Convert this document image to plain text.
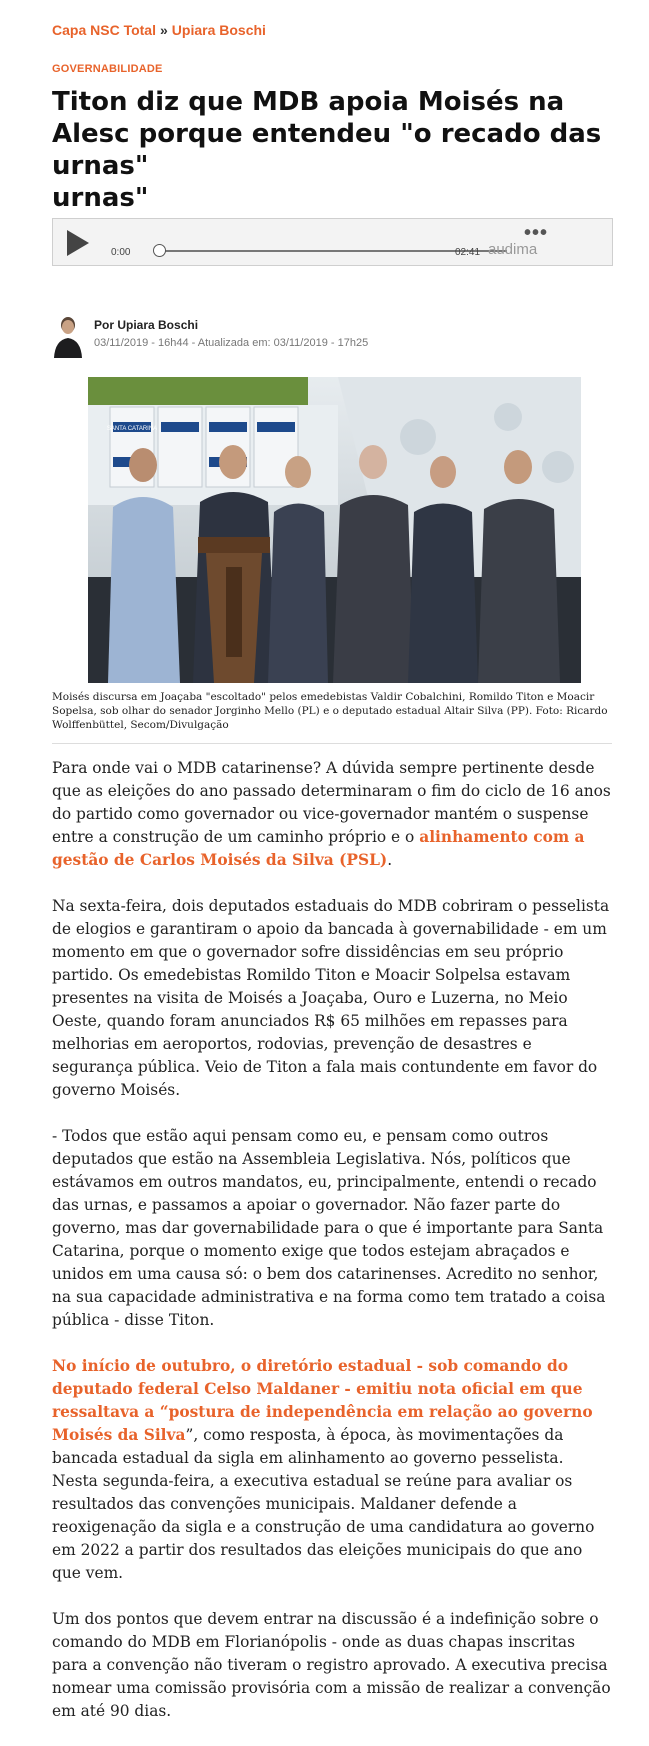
Capa NSC Total » Upiara Boschi
GOVERNABILIDADE
Titon diz que MDB apoia Moisés na Alesc porque entendeu "o recado das urnas"
urnas"
0:00	02:41
•••
audima
Por Upiara Boschi
03/11/2019 - 16h44 - Atualizada em: 03/11/2019 - 17h25
SANTA CATARINA
Moisés discursa em Joaçaba "escoltado" pelos emedebistas Valdir Cobalchini, Romildo Titon e Moacir Sopelsa, sob olhar do senador Jorginho Mello (PL) e o deputado estadual Altair Silva (PP). Foto: Ricardo Wolffenbüttel, Secom/Divulgação

Para onde vai o MDB catarinense? A dúvida sempre pertinente desde que as eleições do ano passado determinaram o fim do ciclo de 16 anos do partido como governador ou vice-governador mantém o suspense entre a construção de um caminho próprio e o alinhamento com a gestão de Carlos Moisés da Silva (PSL).

Na sexta-feira, dois deputados estaduais do MDB cobriram o pesselista de elogios e garantiram o apoio da bancada à governabilidade - em um momento em que o governador sofre dissidências em seu próprio partido. Os emedebistas Romildo Titon e Moacir Solpelsa estavam presentes na visita de Moisés a Joaçaba, Ouro e Luzerna, no Meio Oeste, quando foram anunciados R$ 65 milhões em repasses para melhorias em aeroportos, rodovias, prevenção de desastres e segurança pública. Veio de Titon a fala mais contundente em favor do governo Moisés.

- Todos que estão aqui pensam como eu, e pensam como outros deputados que estão na Assembleia Legislativa. Nós, políticos que estávamos em outros mandatos, eu, principalmente, entendi o recado das urnas, e passamos a apoiar o governador. Não fazer parte do governo, mas dar governabilidade para o que é importante para Santa Catarina, porque o momento exige que todos estejam abraçados e unidos em uma causa só: o bem dos catarinenses. Acredito no senhor, na sua capacidade administrativa e na forma como tem tratado a coisa pública - disse Titon.

No início de outubro, o diretório estadual - sob comando do deputado federal Celso Maldaner - emitiu nota oficial em que ressaltava a “postura de independência em relação ao governo Moisés da Silva”, como resposta, à época, às movimentações da bancada estadual da sigla em alinhamento ao governo pesselista. Nesta segunda-feira, a executiva estadual se reúne para avaliar os resultados das convenções municipais. Maldaner defende a reoxigenação da sigla e a construção de uma candidatura ao governo em 2022 a partir dos resultados das eleições municipais do que ano que vem.

Um dos pontos que devem entrar na discussão é a indefinição sobre o comando do MDB em Florianópolis - onde as duas chapas inscritas para a convenção não tiveram o registro aprovado. A executiva precisa nomear uma comissão provisória com a missão de realizar a convenção em até 90 dias.
